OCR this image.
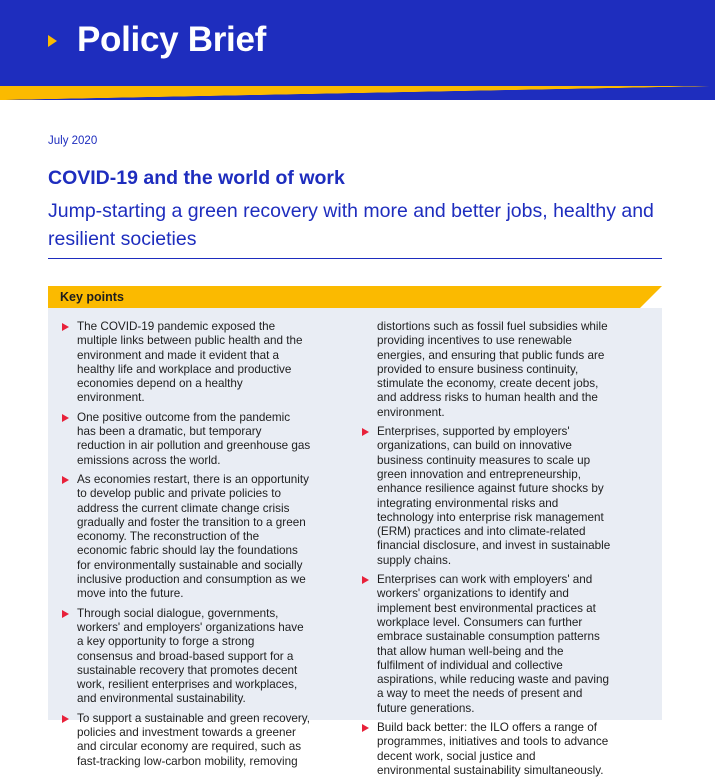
Policy Brief
July 2020
COVID-19 and the world of work
Jump-starting a green recovery with more and better jobs, healthy and resilient societies
Key points
The COVID-19 pandemic exposed the multiple links between public health and the environment and made it evident that a healthy life and workplace and productive economies depend on a healthy environment.
One positive outcome from the pandemic has been a dramatic, but temporary reduction in air pollution and greenhouse gas emissions across the world.
As economies restart, there is an opportunity to develop public and private policies to address the current climate change crisis gradually and foster the transition to a green economy. The reconstruction of the economic fabric should lay the foundations for environmentally sustainable and socially inclusive production and consumption as we move into the future.
Through social dialogue, governments, workers' and employers' organizations have a key opportunity to forge a strong consensus and broad-based support for a sustainable recovery that promotes decent work, resilient enterprises and workplaces, and environmental sustainability.
To support a sustainable and green recovery, policies and investment towards a greener and circular economy are required, such as fast-tracking low-carbon mobility, removing
distortions such as fossil fuel subsidies while providing incentives to use renewable energies, and ensuring that public funds are provided to ensure business continuity, stimulate the economy, create decent jobs, and address risks to human health and the environment.
Enterprises, supported by employers' organizations, can build on innovative business continuity measures to scale up green innovation and entrepreneurship, enhance resilience against future shocks by integrating environmental risks and technology into enterprise risk management (ERM) practices and into climate-related financial disclosure, and invest in sustainable supply chains.
Enterprises can work with employers' and workers' organizations to identify and implement best environmental practices at workplace level. Consumers can further embrace sustainable consumption patterns that allow human well-being and the fulfilment of individual and collective aspirations, while reducing waste and paving a way to meet the needs of present and future generations.
Build back better: the ILO offers a range of programmes, initiatives and tools to advance decent work, social justice and environmental sustainability simultaneously.
